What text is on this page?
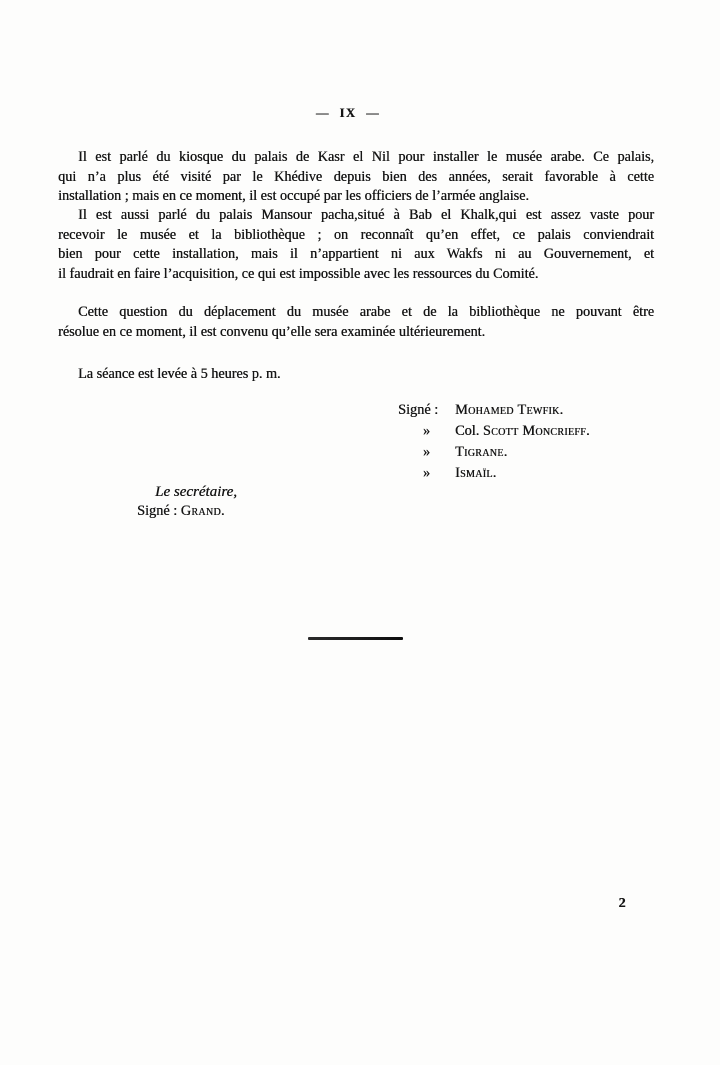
— IX —
Il est parlé du kiosque du palais de Kasr el Nil pour installer le musée arabe. Ce palais,
qui n’a plus été visité par le Khédive depuis bien des années, serait favorable à cette
installation ; mais en ce moment, il est occupé par les officiers de l’armée anglaise.
Il est aussi parlé du palais Mansour pacha,situé à Bab el Khalk,qui est assez vaste pour
recevoir le musée et la bibliothèque ; on reconnaît qu’en effet, ce palais conviendrait
bien pour cette installation, mais il n’appartient ni aux Wakfs ni au Gouvernement, et
il faudrait en faire l’acquisition, ce qui est impossible avec les ressources du Comité.
Cette question du déplacement du musée arabe et de la bibliothèque ne pouvant être
résolue en ce moment, il est convenu qu’elle sera examinée ultérieurement.
La séance est levée à 5 heures p. m.
Signé :	Mohamed Tewfik.
»	Col. Scott Moncrieff.
»	Tigrane.
»	Ismaïl.
Le secrétaire,
Signé : Grand.
2
